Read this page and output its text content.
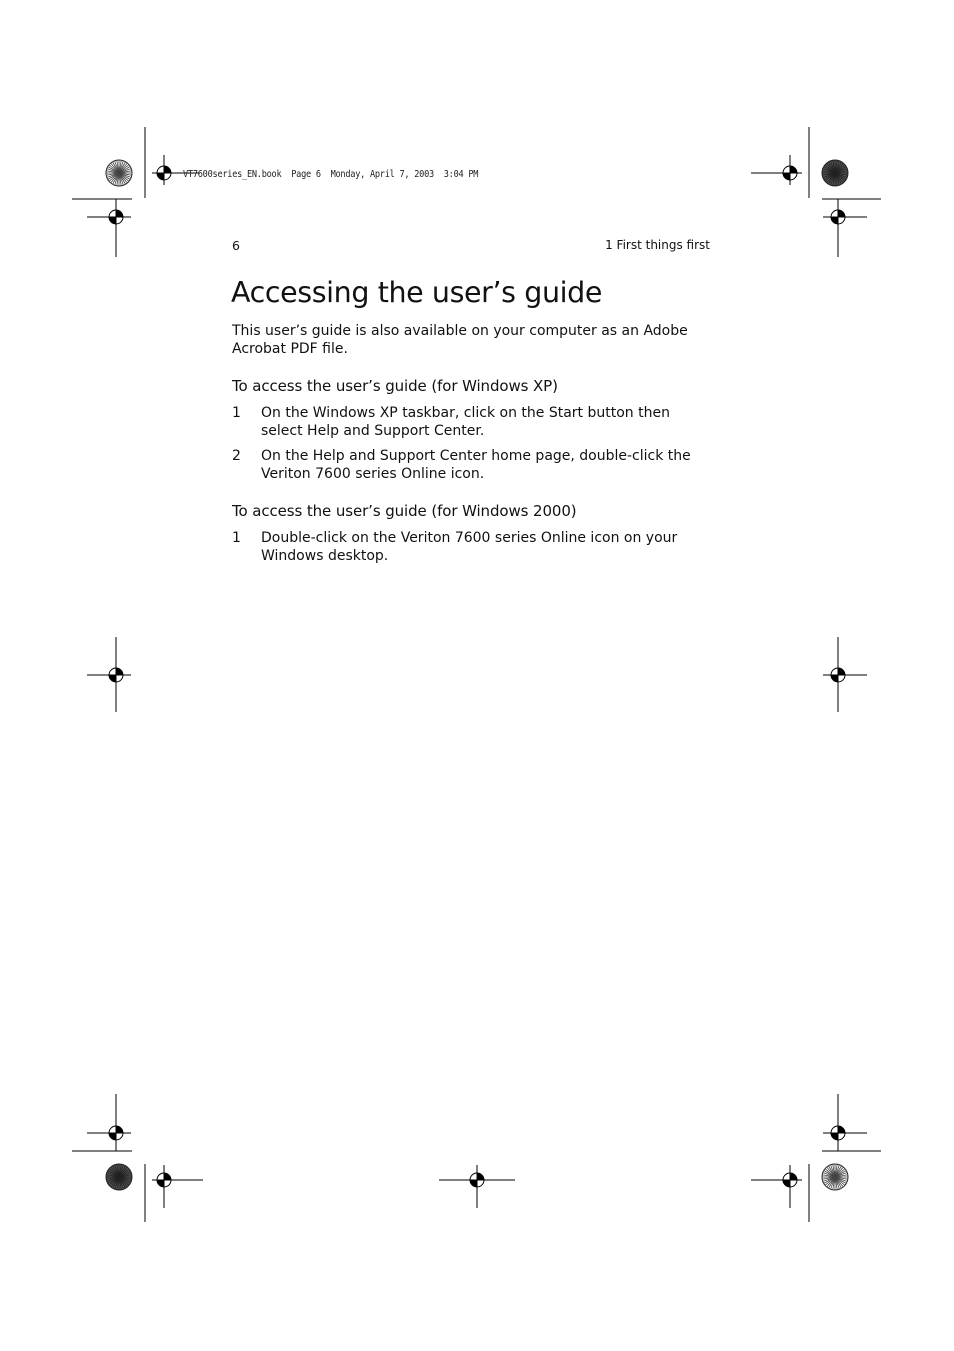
VT7600series_EN.book  Page 6  Monday, April 7, 2003  3:04 PM
6	1 First things first
Accessing the user’s guide
This user’s guide is also available on your computer as an Adobe Acrobat PDF file.
To access the user’s guide (for Windows XP)
1	On the Windows XP taskbar, click on the Start button then select Help and Support Center.
2	On the Help and Support Center home page, double-click the Veriton 7600 series Online icon.
To access the user’s guide (for Windows 2000)
1	Double-click on the Veriton 7600 series Online icon on your Windows desktop.
